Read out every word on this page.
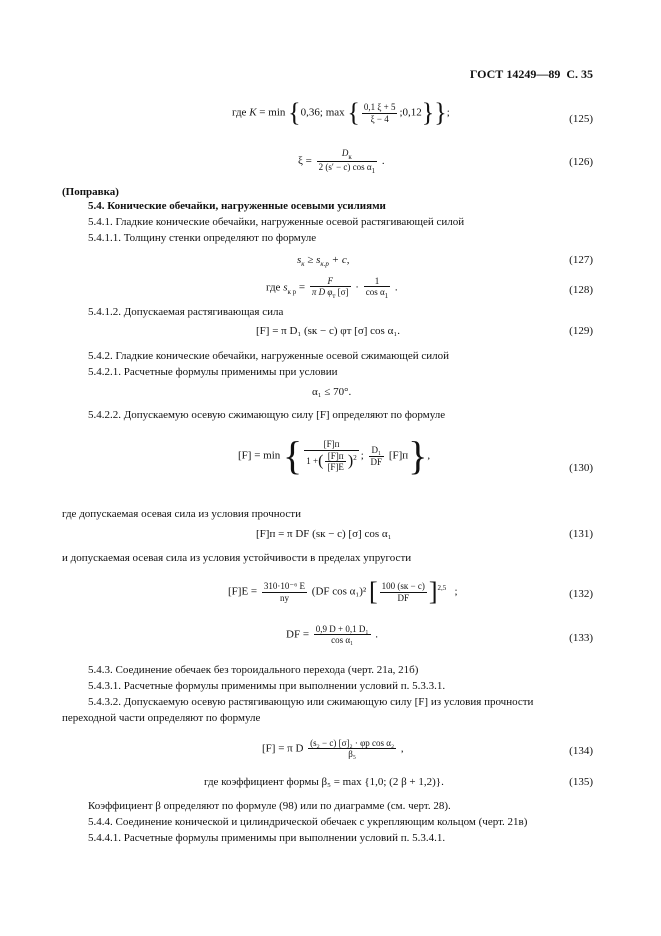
ГОСТ 14249—89 С. 35
где K = min {0,36; max { $\frac{0,1 \xi + 5}{\xi - 4}$ ;0,12}};
(125)
$\xi = \frac{D_к}{2 (s' - c) \cos \alpha_1}$ .	(126)
(Поправка)
5.4. Конические обечайки, нагруженные осевыми усилиями
5.4.1. Гладкие конические обечайки, нагруженные осевой растягивающей силой
5.4.1.1. Толщину стенки определяют по формуле
$s_к \ge s_{к.р} + c$,	(127)
где $s_{к р} = \frac{F}{\pi D \varphi_т [\sigma]} \cdot \frac{1}{\cos \alpha_1}$ .	(128)
5.4.1.2. Допускаемая растягивающая сила
[F] = π D₁ (sк − c) φт [σ] cos α₁.	(129)
5.4.2. Гладкие конические обечайки, нагруженные осевой сжимающей силой
5.4.2.1. Расчетные формулы применимы при условии
α₁ ≤ 70°.
5.4.2.2. Допускаемую осевую сжимающую силу [F] определяют по формуле
[F] = min { $\frac{[F]п}{1 +( \frac{[F]п}{[F]E} )^2}$ ; $\frac{\text{D₁}}{DF} [F]п$},
(130)
где допускаемая осевая сила из условия прочности
[F]п = π DF (sк − c) [σ] cos α₁	(131)
и допускаемая осевая сила из условия устойчивости в пределах упругости
$[F]E = \frac{\text{310·10⁻⁶ E}}{nу} (DF$ cos α₁)² [ $\frac{100 (sк - c)}{DF} ]^{2,5}$ ;	(132)
DF = $\frac{\text{0,9 D + 0,1 D₁}}{\text{cos α₁}}$ .	(133)
5.4.3. Соединение обечаек без тороидального перехода (черт. 21а, 21б)
5.4.3.1. Расчетные формулы применимы при выполнении условий п. 5.3.3.1.
5.4.3.2. Допускаемую осевую растягивающую или сжимающую силу [F] из условия прочности
переходной части определяют по формуле
[F] = π D $\frac{\text{(s₂ − c) [σ]₂ · φр cos α₂}}{\text{β₅}}$ ,	(134)
где коэффициент формы β₅ = max {1,0; (2 β + 1,2)}.	(135)
Коэффициент β определяют по формуле (98) или по диаграмме (см. черт. 28).
5.4.4. Соединение конической и цилиндрической обечаек с укрепляющим кольцом (черт. 21в)
5.4.4.1. Расчетные формулы применимы при выполнении условий п. 5.3.4.1.
